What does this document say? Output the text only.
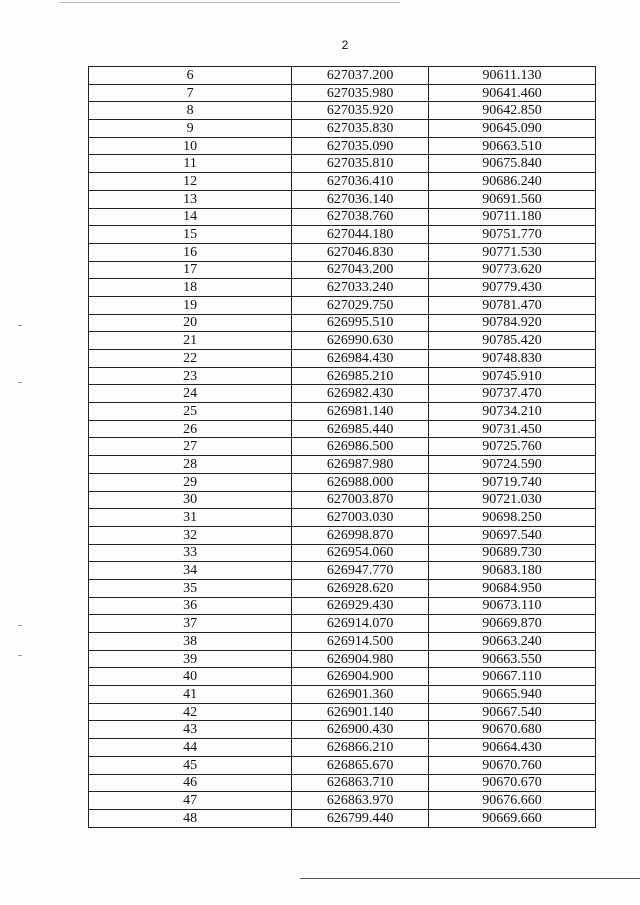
2
6	627037.200	90611.130
7	627035.980	90641.460
8	627035.920	90642.850
9	627035.830	90645.090
10	627035.090	90663.510
11	627035.810	90675.840
12	627036.410	90686.240
13	627036.140	90691.560
14	627038.760	90711.180
15	627044.180	90751.770
16	627046.830	90771.530
17	627043.200	90773.620
18	627033.240	90779.430
19	627029.750	90781.470
20	626995.510	90784.920
21	626990.630	90785.420
22	626984.430	90748.830
23	626985.210	90745.910
24	626982.430	90737.470
25	626981.140	90734.210
26	626985.440	90731.450
27	626986.500	90725.760
28	626987.980	90724.590
29	626988.000	90719.740
30	627003.870	90721.030
31	627003.030	90698.250
32	626998.870	90697.540
33	626954.060	90689.730
34	626947.770	90683.180
35	626928.620	90684.950
36	626929.430	90673.110
37	626914.070	90669.870
38	626914.500	90663.240
39	626904.980	90663.550
40	626904.900	90667.110
41	626901.360	90665.940
42	626901.140	90667.540
43	626900.430	90670.680
44	626866.210	90664.430
45	626865.670	90670.760
46	626863.710	90670.670
47	626863.970	90676.660
48	626799.440	90669.660
